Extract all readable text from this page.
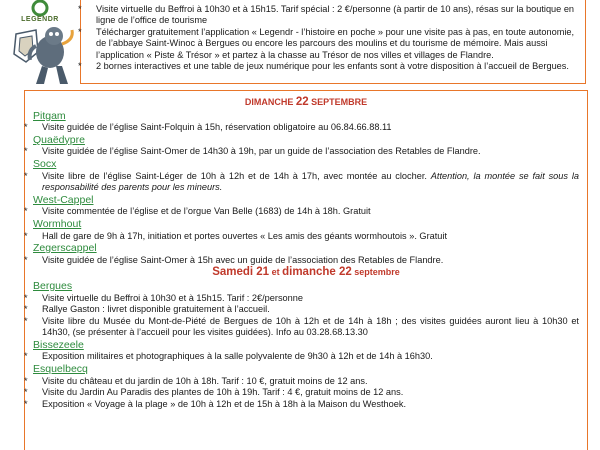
LEGENDR

* Visite virtuelle du Beffroi à 10h30 et à 15h15. Tarif spécial : 2 €/personne (à partir de 10 ans), résas sur la boutique en ligne de l’office de tourisme

* Télécharger gratuitement l’application « Legendr - l’histoire en poche » pour une visite pas à pas, en toute autonomie, de l’abbaye Saint-Winoc à Bergues ou encore les parcours des moulins et du tourisme de mémoire. Mais aussi l’application « Piste & Trésor » et partez à la chasse au Trésor de nos villes et villages de Flandre.

* 2 bornes interactives et une table de jeux numérique pour les enfants sont à votre disposition à l’accueil de Bergues.

DIMANCHE 22 SEPTEMBRE
Pitgam
* Visite guidée de l’église Saint-Folquin à 15h, réservation obligatoire au 06.84.66.88.11
Quaëdypre
* Visite guidée de l’église Saint-Omer de 14h30 à 19h, par un guide de l’association des Retables de Flandre.
Socx
* Visite libre de l’église Saint-Léger de 10h à 12h et de 14h à 17h, avec montée au clocher. Attention, la montée se fait sous la responsabilité des parents pour les mineurs.
West-Cappel
* Visite commentée de l’église et de l’orgue Van Belle (1683) de 14h à 18h. Gratuit
Wormhout
* Hall de gare de 9h à 17h, initiation et portes ouvertes « Les amis des géants wormhoutois ». Gratuit
Zegerscappel
* Visite guidée de l’église Saint-Omer à 15h avec un guide de l’association des Retables de Flandre.
Samedi 21 et dimanche 22 septembre
Bergues
* Visite virtuelle du Beffroi à 10h30 et à 15h15. Tarif : 2€/personne
* Rallye Gaston : livret disponible gratuitement à l’accueil.
* Visite libre du Musée du Mont-de-Piété de Bergues de 10h à 12h et de 14h à 18h ; des visites guidées auront lieu à 10h30 et 14h30, (se présenter à l’accueil pour les visites guidées). Info au 03.28.68.13.30
Bissezeele
* Exposition militaires et photographiques à la salle polyvalente de 9h30 à 12h et de 14h à 16h30.
Esquelbecq
* Visite du château et du jardin de 10h à 18h. Tarif : 10 €, gratuit moins de 12 ans.
* Visite du Jardin Au Paradis des plantes de 10h à 19h. Tarif : 4 €, gratuit moins de 12 ans.
* Exposition « Voyage à la plage » de 10h à 12h et de 15h à 18h à la Maison du Westhoek.
